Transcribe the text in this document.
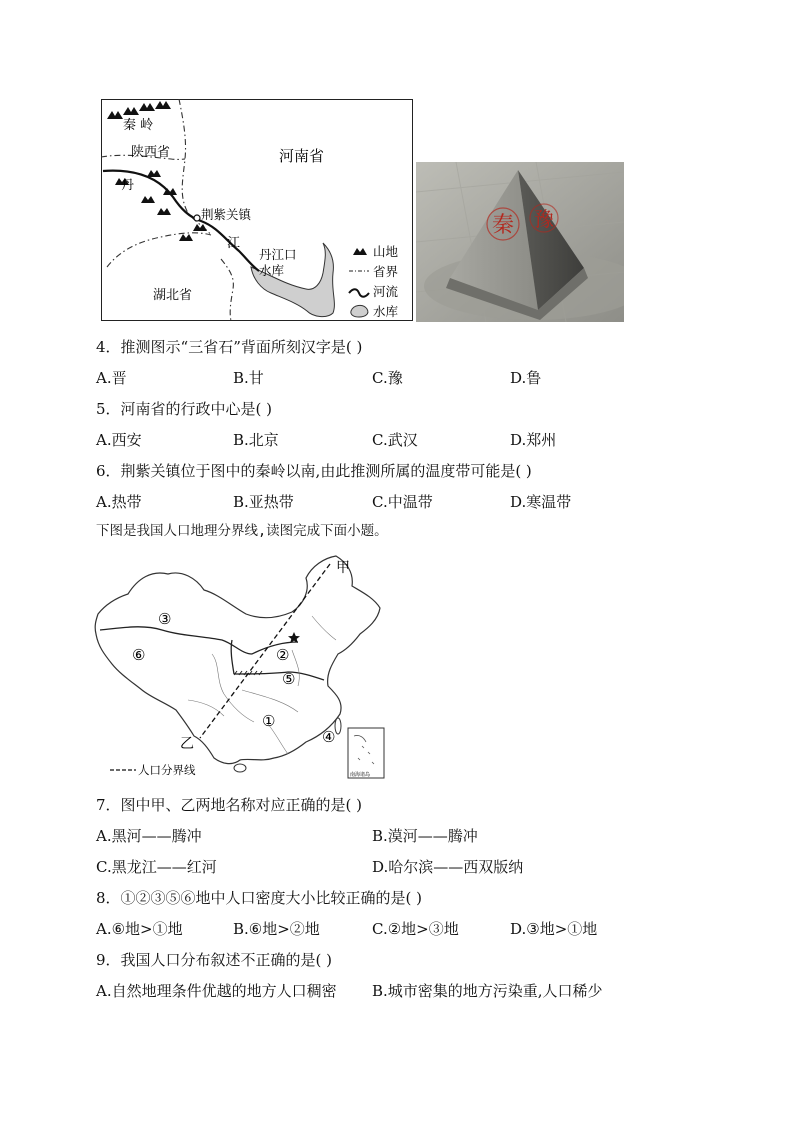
秦 岭
陕西省	河南省
湖北省
丹
江
荆紫关镇
丹江口
水库
山地
省界
河流
水库
秦 豫
4．推测图示“三省石”背面所刻汉字是( )
A.晋	B.甘	C.豫	D.鲁
5．河南省的行政中心是( )
A.西安	B.北京	C.武汉	D.郑州
6．荆紫关镇位于图中的秦岭以南,由此推测所属的温度带可能是( )
A.热带	B.亚热带	C.中温带	D.寒温带
下图是我国人口地理分界线,读图完成下面小题。
③
⑥	②
⑤
①
④
甲
乙
南海诸岛
人口分界线
7．图中甲、乙两地名称对应正确的是( )
A.黑河——腾冲	B.漠河——腾冲
C.黑龙江——红河	D.哈尔滨——西双版纳
8．①②③⑤⑥地中人口密度大小比较正确的是( )
A.⑥地>①地	B.⑥地>②地	C.②地>③地	D.③地>①地
9．我国人口分布叙述不正确的是( )
A.自然地理条件优越的地方人口稠密 B.城市密集的地方污染重,人口稀少
